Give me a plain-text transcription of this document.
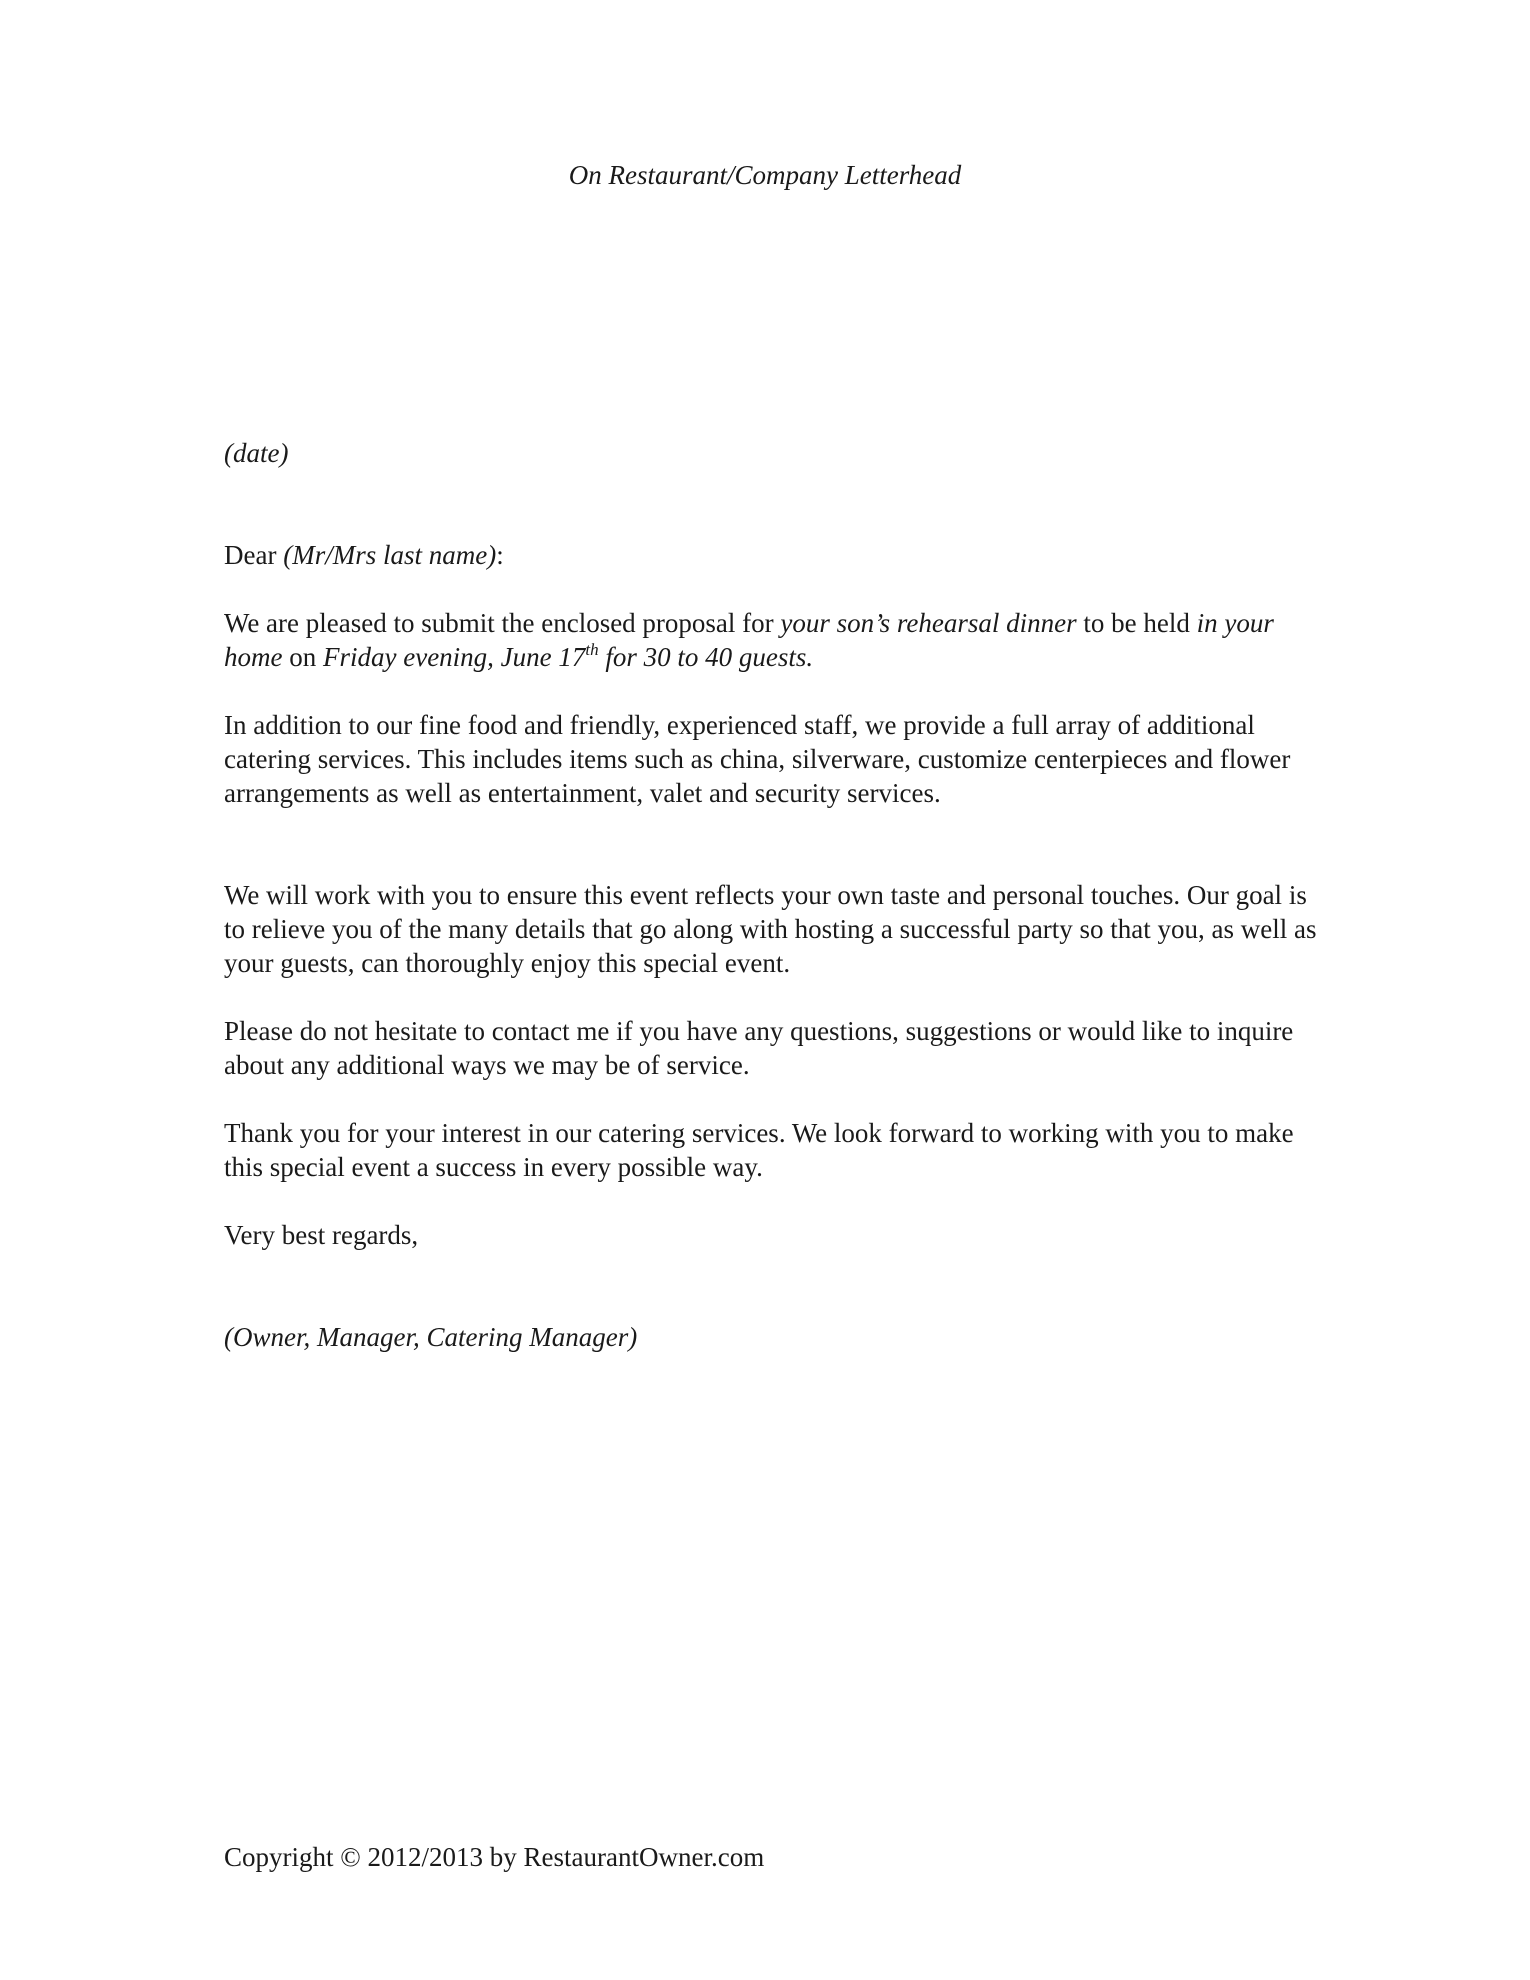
On Restaurant/Company Letterhead
(date)
Dear (Mr/Mrs last name):
We are pleased to submit the enclosed proposal for your son’s rehearsal dinner to be held in your home on Friday evening, June 17th for 30 to 40 guests.
In addition to our fine food and friendly, experienced staff, we provide a full array of additional catering services. This includes items such as china, silverware, customize centerpieces and flower arrangements as well as entertainment, valet and security services.
We will work with you to ensure this event reflects your own taste and personal touches. Our goal is to relieve you of the many details that go along with hosting a successful party so that you, as well as your guests, can thoroughly enjoy this special event.
Please do not hesitate to contact me if you have any questions, suggestions or would like to inquire about any additional ways we may be of service.
Thank you for your interest in our catering services. We look forward to working with you to make this special event a success in every possible way.
Very best regards,
(Owner, Manager, Catering Manager)
Copyright © 2012/2013 by RestaurantOwner.com
